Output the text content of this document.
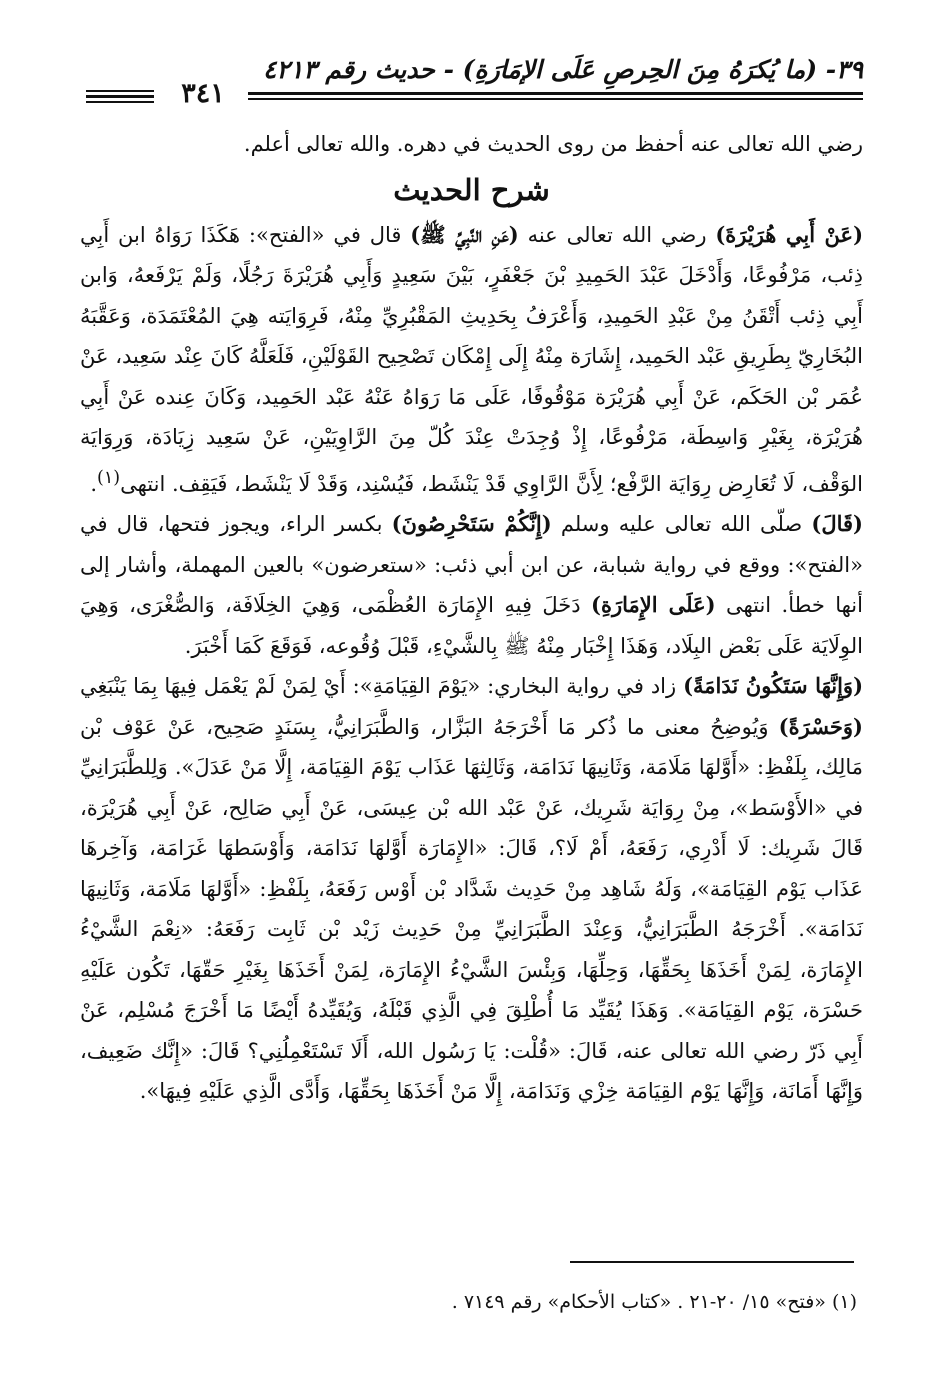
٣٩- (ما يُكرَهُ مِنَ الحِرصِ عَلَى الإمَارَةِ) - حديث رقم ٤٢١٣
٣٤١

رضي الله تعالى عنه أحفظ من روى الحديث في دهره. والله تعالى أعلم.

شرح الحديث

(عَنْ أَبِي هُرَيْرَةَ) رضي الله تعالى عنه (عَنِ النَّبِيِّ ﷺ) قال في «الفتح»: هَكَذَا رَوَاهُ ابن أَبِي ذِئب، مَرْفُوعًا، وَأَدْخَلَ عَبْدَ الحَمِيدِ بْنَ جَعْفَرٍ، بَيْنَ سَعِيدٍ وَأَبِي هُرَيْرَةَ رَجُلًا، وَلَمْ يَرْفَعهُ، وَابن أَبِي ذِئب أَتْقَنُ مِنْ عَبْدِ الحَمِيدِ، وَأَعْرَفُ بِحَدِيثِ المَقْبُرِيِّ مِنْهُ، فَرِوَايَته هِيَ المُعْتَمَدَة، وَعَقَّبَهُ البُخَارِيّ بِطَرِيقِ عَبْد الحَمِيد، إِشَارَة مِنْهُ إِلَى إِمْكَان تَصْحِيح القَوْلَيْنِ، فَلَعَلَّهُ كَانَ عِنْد سَعِيد، عَنْ عُمَر بْن الحَكَم، عَنْ أَبِي هُرَيْرَة مَوْقُوفًا، عَلَى مَا رَوَاهُ عَنْهُ عَبْد الحَمِيد، وَكَانَ عِنده عَنْ أَبِي هُرَيْرَة، بِغَيْرِ وَاسِطَة، مَرْفُوعًا، إِذْ وُجِدَتْ عِنْدَ كُلّ مِنَ الرَّاوِيَيْنِ، عَنْ سَعِيد زِيَادَة، وَرِوَايَة الوَقْف، لَا تُعَارِض رِوَايَة الرَّفْع؛ لِأَنَّ الرَّاوِي قَدْ يَنْشَط، فَيُسْنِد، وَقَدْ لَا يَنْشَط، فَيَقِف. انتهى$^{(١)}$.

(قَالَ) صلّى الله تعالى عليه وسلم (إِنَّكُمْ سَتَحْرِصُونَ) بكسر الراء، ويجوز فتحها، قال في «الفتح»: ووقع في رواية شبابة، عن ابن أبي ذئب: «ستعرضون» بالعين المهملة، وأشار إلى أنها خطأ. انتهى (عَلَى الإِمَارَةِ) دَخَلَ فِيهِ الإِمَارَة العُظْمَى، وَهِيَ الخِلَافَة، وَالصُّغْرَى، وَهِيَ الوِلَايَة عَلَى بَعْض البِلَاد، وَهَذَا إِخْبَار مِنْهُ ﷺ بِالشَّيْءِ، قَبْلَ وُقُوعه، فَوَقَعَ كَمَا أَخْبَرَ.

(وَإِنَّهَا سَتَكُونُ نَدَامَةً) زاد في رواية البخاري: «يَوْمَ القِيَامَةِ»: أَيْ لِمَنْ لَمْ يَعْمَل فِيهَا بِمَا يَنْبَغِي (وَحَسْرَةً) وَيُوضِحُ معنى ما ذُكر مَا أَخْرَجَهُ البَزَّار، وَالطَّبَرَانِيُّ، بِسَنَدٍ صَحِيح، عَنْ عَوْف بْن مَالِك، بِلَفْظِ: «أَوَّلهَا مَلَامَة، وَثَانِيهَا نَدَامَة، وَثَالِثهَا عَذَاب يَوْمَ القِيَامَة، إِلَّا مَنْ عَدَلَ». وَلِلطَّبَرَانِيِّ في «الأَوْسَط»، مِنْ رِوَايَة شَرِيك، عَنْ عَبْد الله بْن عِيسَى، عَنْ أَبِي صَالِح، عَنْ أَبِي هُرَيْرَة، قَالَ شَرِيك: لَا أَدْرِي، رَفَعَهُ، أَمْ لَا؟، قَالَ: «الإِمَارَة أَوَّلهَا نَدَامَة، وَأَوْسَطهَا غَرَامَة، وَآخِرهَا عَذَاب يَوْم القِيَامَة»، وَلَهُ شَاهِد مِنْ حَدِيث شَدَّاد بْن أَوْس رَفَعَهُ، بِلَفْظِ: «أَوَّلهَا مَلَامَة، وَثَانِيهَا نَدَامَة». أَخْرَجَهُ الطَّبَرَانِيُّ، وَعِنْدَ الطَّبَرَانِيِّ مِنْ حَدِيث زَيْد بْن ثَابِت رَفَعَهُ: «نِعْمَ الشَّيْءُ الإِمَارَة، لِمَنْ أَخَذَهَا بِحَقِّهَا، وَحِلِّهَا، وَبِئْسَ الشَّيْءُ الإِمَارَة، لِمَنْ أَخَذَهَا بِغَيْرِ حَقّهَا، تَكُون عَلَيْهِ حَسْرَة، يَوْم القِيَامَة». وَهَذَا يُقَيِّد مَا أُطْلِقَ فِي الَّذِي قَبْلَهُ، وَيُقَيِّدهُ أَيْضًا مَا أَخْرَجَ مُسْلِم، عَنْ أَبِي ذَرّ رضي الله تعالى عنه، قَالَ: «قُلْت: يَا رَسُول الله، أَلَا تَسْتَعْمِلُنِي؟ قَالَ: «إِنَّك ضَعِيف، وَإِنَّهَا أَمَانَة، وَإِنَّهَا يَوْم القِيَامَة خِزْي وَنَدَامَة، إِلَّا مَنْ أَخَذَهَا بِحَقِّهَا، وَأَدَّى الَّذِي عَلَيْهِ فِيهَا».

(١) «فتح» ١٥/ ٢٠-٢١ . «كتاب الأحكام» رقم ٧١٤٩ .
